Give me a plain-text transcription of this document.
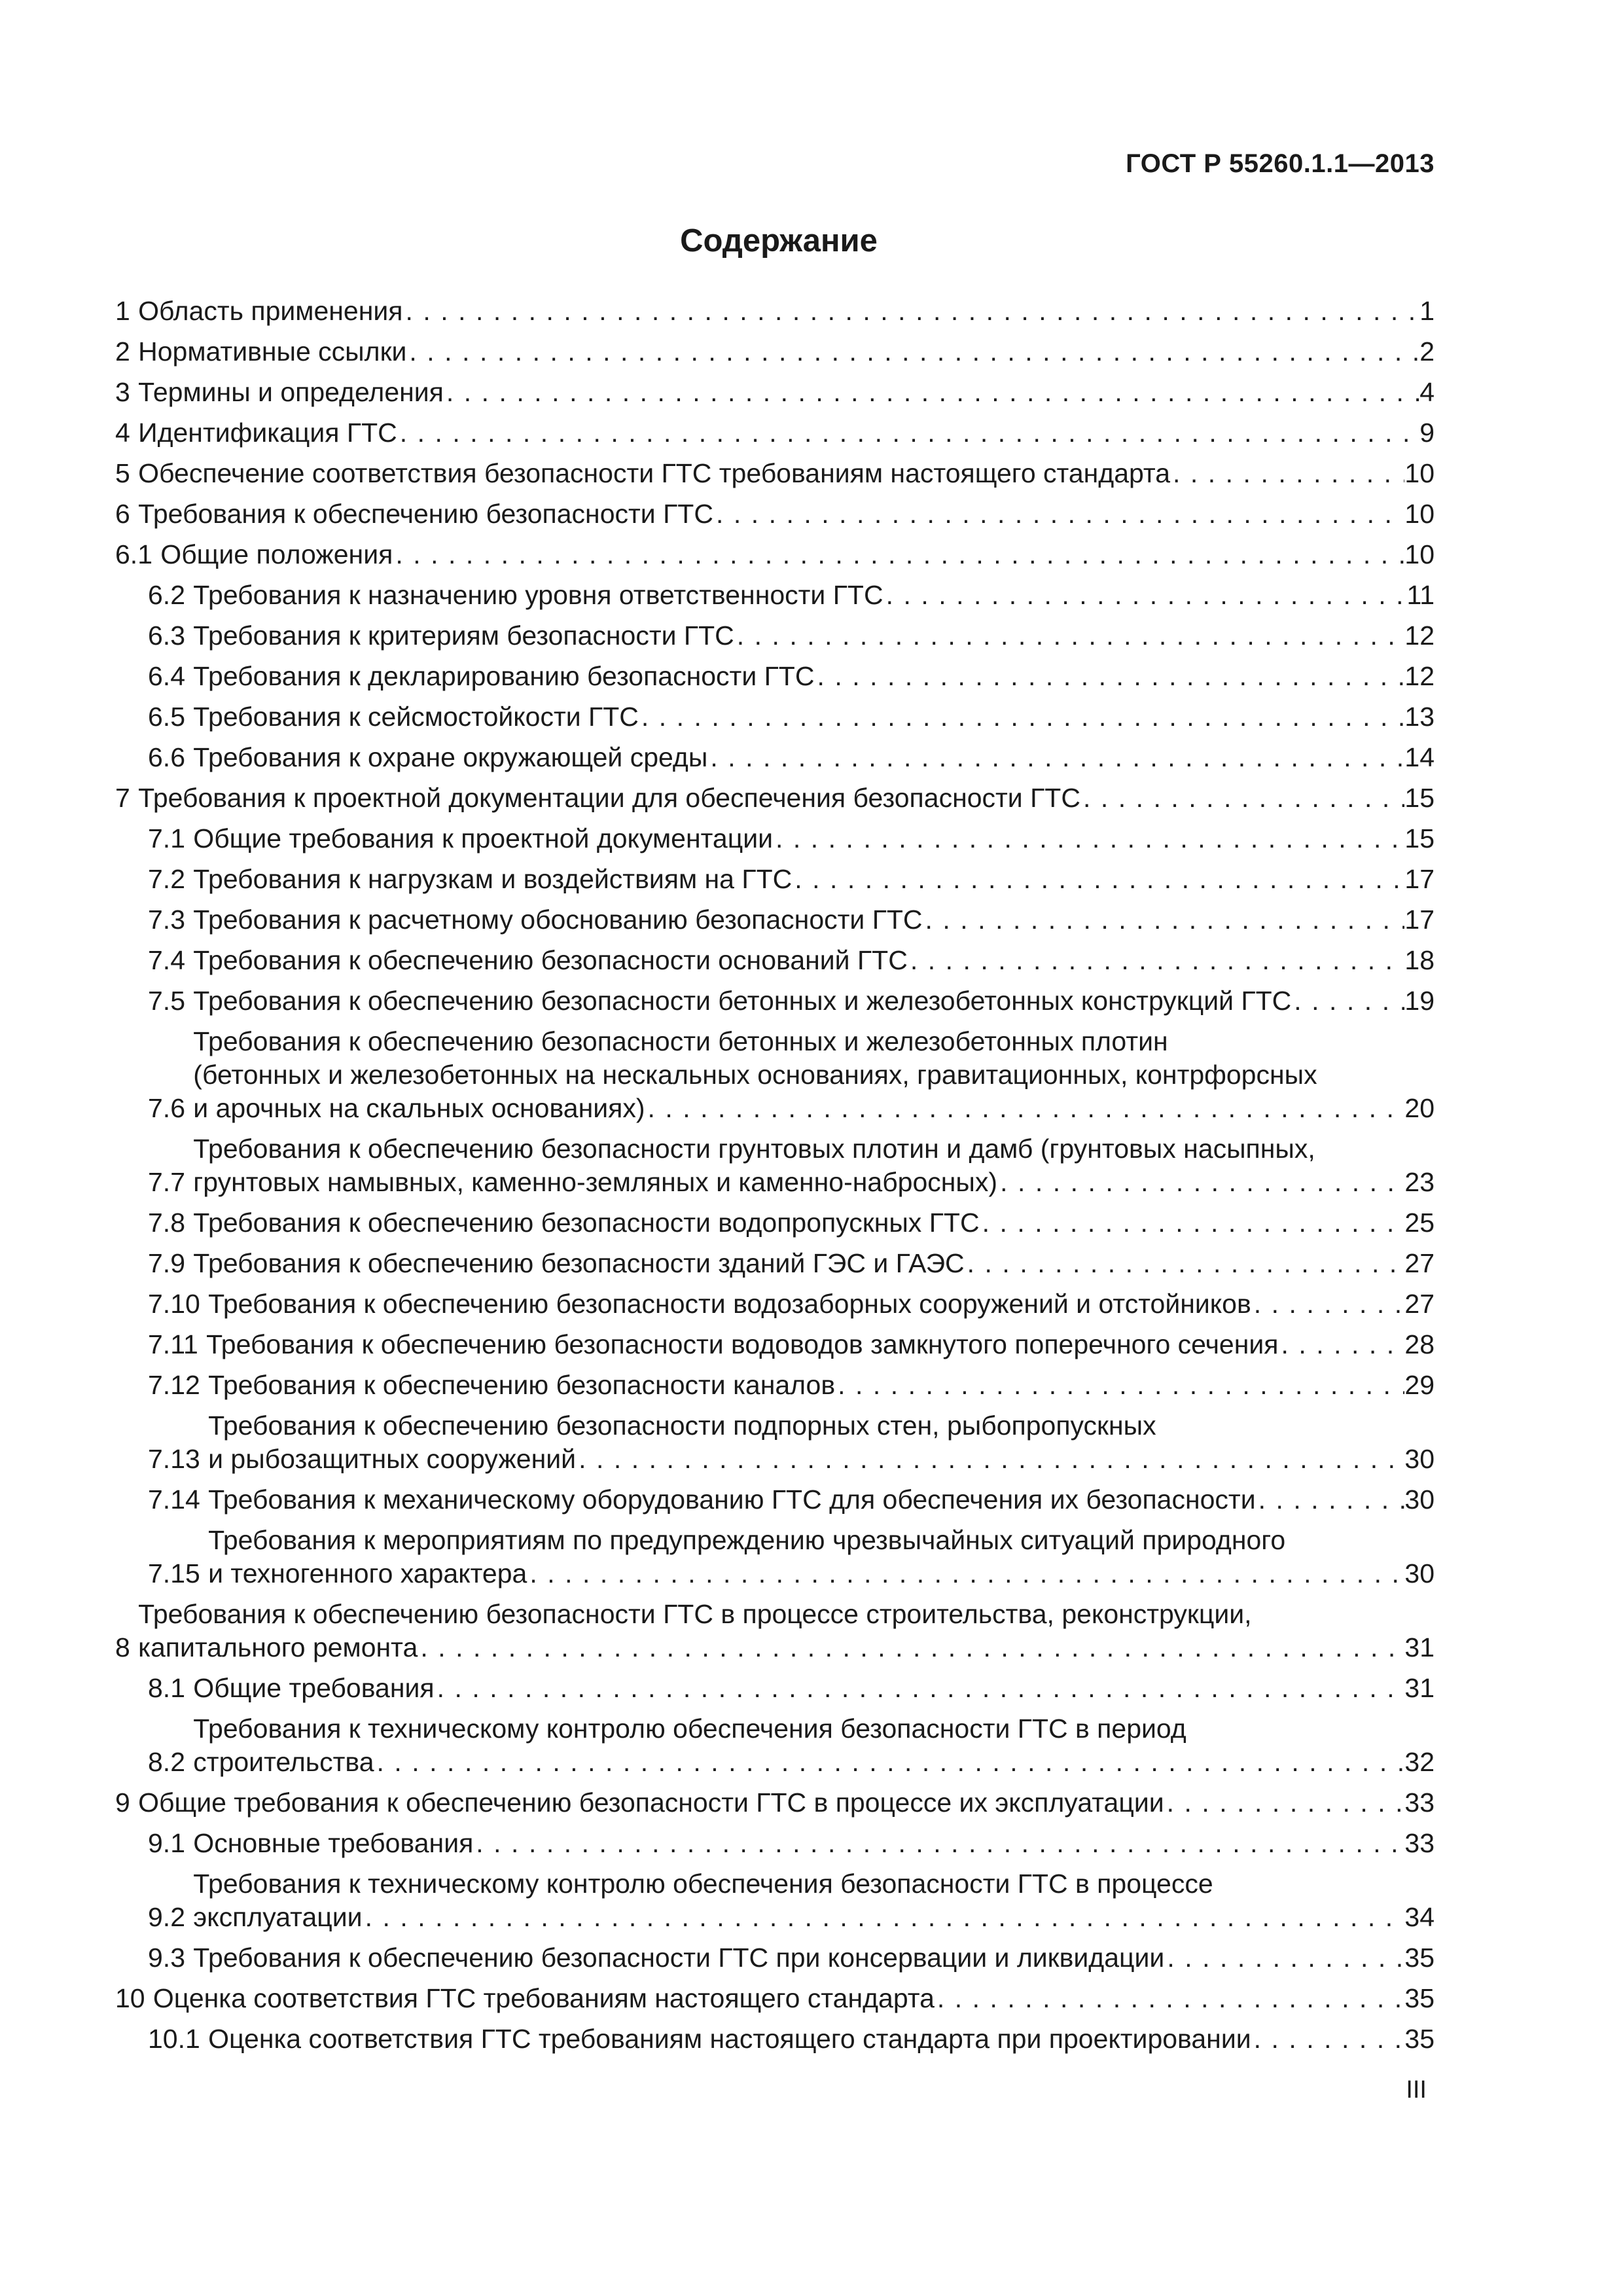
ГОСТ Р 55260.1.1—2013
Содержание
1 Область применения . . .	1
2 Нормативные ссылки . . .	2
3 Термины и определения . . .	4
4 Идентификация ГТС . . .	9
5 Обеспечение соответствия безопасности ГТС требованиям настоящего стандарта . . .	10
6 Требования к обеспечению безопасности ГТС . . .	10
6.1 Общие положения . . .	10
6.2 Требования к назначению уровня ответственности ГТС . . .	11
6.3 Требования к критериям безопасности ГТС . . .	12
6.4 Требования к декларированию безопасности ГТС . . .	12
6.5 Требования к сейсмостойкости ГТС . . .	13
6.6 Требования к охране окружающей среды . . .	14
7 Требования к проектной документации для обеспечения безопасности ГТС . . .	15
7.1 Общие требования к проектной документации . . .	15
7.2 Требования к нагрузкам и воздействиям на ГТС . . .	17
7.3 Требования к расчетному обоснованию безопасности ГТС . . .	17
7.4 Требования к обеспечению безопасности оснований ГТС . . .	18
7.5 Требования к обеспечению безопасности бетонных и железобетонных конструкций ГТС . . .	19
7.6
Требования к обеспечению безопасности бетонных и железобетонных плотин
(бетонных и железобетонных на нескальных основаниях, гравитационных, контрфорсных
и арочных на скальных основаниях) . . .	20
7.7
Требования к обеспечению безопасности грунтовых плотин и дамб (грунтовых насыпных,
грунтовых намывных, каменно-земляных и каменно-набросных) . . .	23
7.8 Требования к обеспечению безопасности водопропускных ГТС . . .	25
7.9 Требования к обеспечению безопасности зданий ГЭС и ГАЭС . . .	27
7.10 Требования к обеспечению безопасности водозаборных сооружений и отстойников . . .	27
7.11 Требования к обеспечению безопасности водоводов замкнутого поперечного сечения . . .	28
7.12 Требования к обеспечению безопасности каналов . . .	29
7.13
Требования к обеспечению безопасности подпорных стен, рыбопропускных
и рыбозащитных сооружений . . .	30
7.14 Требования к механическому оборудованию ГТС для обеспечения их безопасности . . .	30
7.15
Требования к мероприятиям по предупреждению чрезвычайных ситуаций природного
и техногенного характера . . .	30
8
Требования к обеспечению безопасности ГТС в процессе строительства, реконструкции,
капитального ремонта . . .	31
8.1 Общие требования . . .	31
8.2
Требования к техническому контролю обеспечения безопасности ГТС в период
строительства . . .	32
9 Общие требования к обеспечению безопасности ГТС в процессе их эксплуатации . . .	33
9.1 Основные требования . . .	33
9.2
Требования к техническому контролю обеспечения безопасности ГТС в процессе
эксплуатации . . .	34
9.3 Требования к обеспечению безопасности ГТС при консервации и ликвидации . . .	35
10 Оценка соответствия ГТС требованиям настоящего стандарта . . .	35
10.1 Оценка соответствия ГТС требованиям настоящего стандарта при проектировании . . .	35
III
